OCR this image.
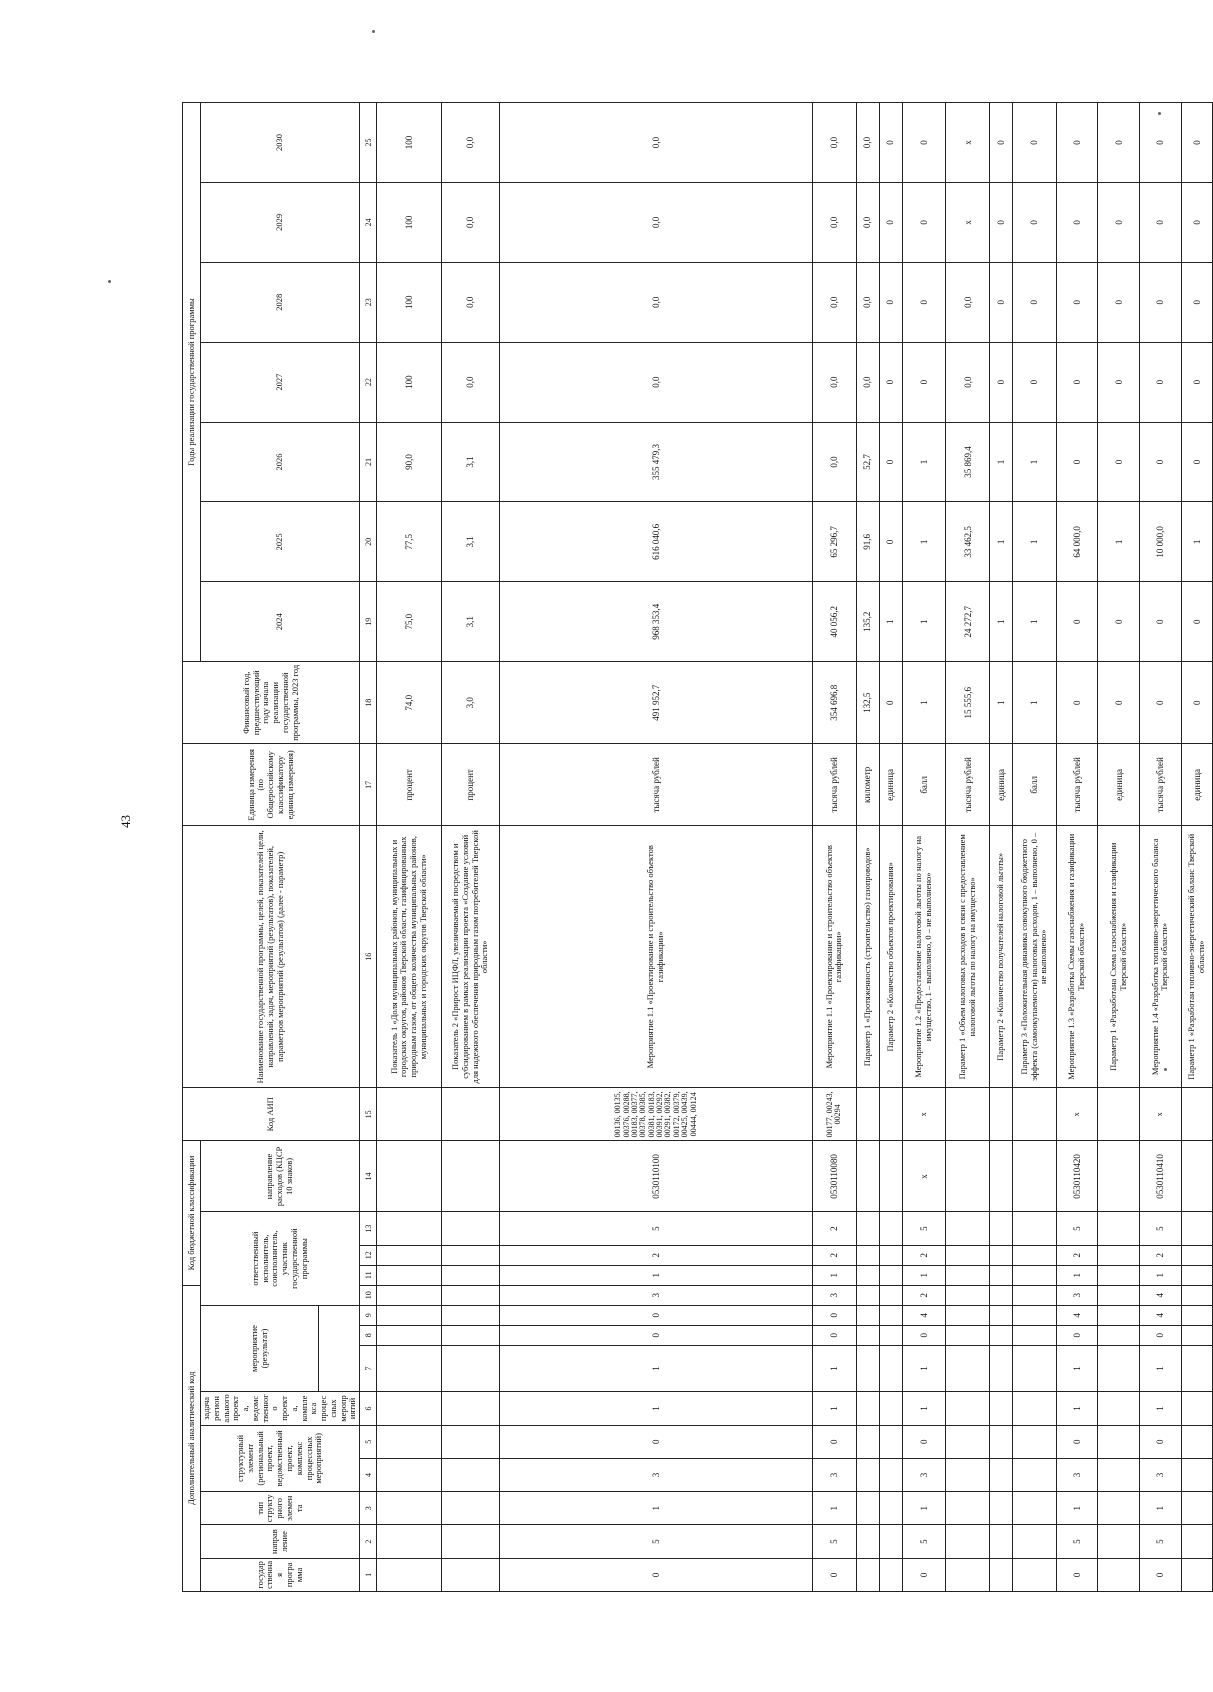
43
Дополнительный аналитический код										Код бюджетной классификации				Код АИП	Наименование государственной программы, целей, показателей цели, направлений, задач, мероприятий (результатов), показателей, параметров мероприятий (результатов) (далее - параметр)	Единица измерения (по Общероссийскому классификатору единиц измерения)	Финансовый год, предшествующий году начала реализации государственной программы, 2023 год	Годы реализации государственной программы						
государственная программа	направление	тип структурного элемента	структурный элемент (региональный проект, ведомственный проект, комплекс процессных мероприятий)		задача регионального проекта, ведомственного проекта, комплекса процессных мероприятий	мероприятие (результат)			ответственный исполнитель, соисполнитель, участник государственной программы				направление расходов (КЦСР 10 знаков)					2024	2025	2026	2027	2028	2029	2030

1	2	3	4	5	6	7	8	9	10	11	12	13	14	15	16	17	18	19	20	21	22	23	24	25
															Показатель 1 «Доля муниципальных районов, муниципальных и городских округов, районов Тверской области, газифицированных природным газом, от общего количества муниципальных районов, муниципальных и городских округов Тверской области»	процент	74,0	75,0	77,5	90,0	100	100	100	100
															Показатель 2 «Прирост ИЦФЛ, увеличиваемый посредством и субсидированием в рамках реализации проекта «Создание условий для надежного обеспечения природным газом потребителей Тверской области»	процент	3,0	3,1	3,1	3,1	0,0	0,0	0,0	0,0
0	5	1	3	0	1	1	0	0	3	1	2	5	0530110100	00136, 00135, 00376, 00288, 00183, 00377, 00378, 00385, 00381, 00183, 00391, 00292, 00291, 00382, 00172, 00379, 00425, 00439, 00444, 00124	Мероприятие 1.1 «Проектирование и строительство объектов газификации»	тысяча рублей	491 952,7	968 353,4	616 040,6	355 479,3	0,0	0,0	0,0	0,0
0	5	1	3	0	1	1	0	0	3	1	2	2	0530110080	00177, 00243, 00294	Мероприятие 1.1 «Проектирование и строительство объектов газификации»	тысяча рублей	354 696,8	40 056,2	65 296,7	0,0	0,0	0,0	0,0	0,0
															Параметр 1 «Протяженность (строительство) газопроводов»	километр	132,5	135,2	91,6	52,7	0,0	0,0	0,0	0,0
															Параметр 2 «Количество объектов проектирования»	единица	0	1	0	0	0	0	0	0
0	5	1	3	0	1	1	0	4	2	1	2	5	x	x	Мероприятие 1.2 «Предоставление налоговой льготы по налогу на имущество, 1 – выполнено, 0 – не выполнено»	балл	1	1	1	1	0	0	0	0
															Параметр 1 «Объем налоговых расходов в связи с предоставлением налоговой льготы по налогу на имущество»	тысяча рублей	15 555,6	24 272,7	33 462,5	35 869,4	0,0	0,0	x	x
															Параметр 2 «Количество получателей налоговой льготы»	единица	1	1	1	1	0	0	0	0
															Параметр 3 «Положительная динамика совокупного бюджетного эффекта (самоокупаемости) налоговых расходов, 1 – выполнено, 0 – не выполнено»	балл	1	1	1	1	0	0	0	0
0	5	1	3	0	1	1	0	4	3	1	2	5	0530110420	x	Мероприятие 1.3 «Разработка Схемы газоснабжения и газификации Тверской области»	тысяча рублей	0	0	64 000,0	0	0	0	0	0
															Параметр 1 «Разработана Схема газоснабжения и газификации Тверской области»	единица	0	0	1	0	0	0	0	0
0	5	1	3	0	1	1	0	4	4	1	2	5	0530110410	x	Мероприятие 1.4 «Разработка топливно-энергетического баланса Тверской области»	тысяча рублей	0	0	10 000,0	0	0	0	0	0
															Параметр 1 «Разработан топливно-энергетический баланс Тверской области»	единица	0	0	1	0	0	0	0	0
